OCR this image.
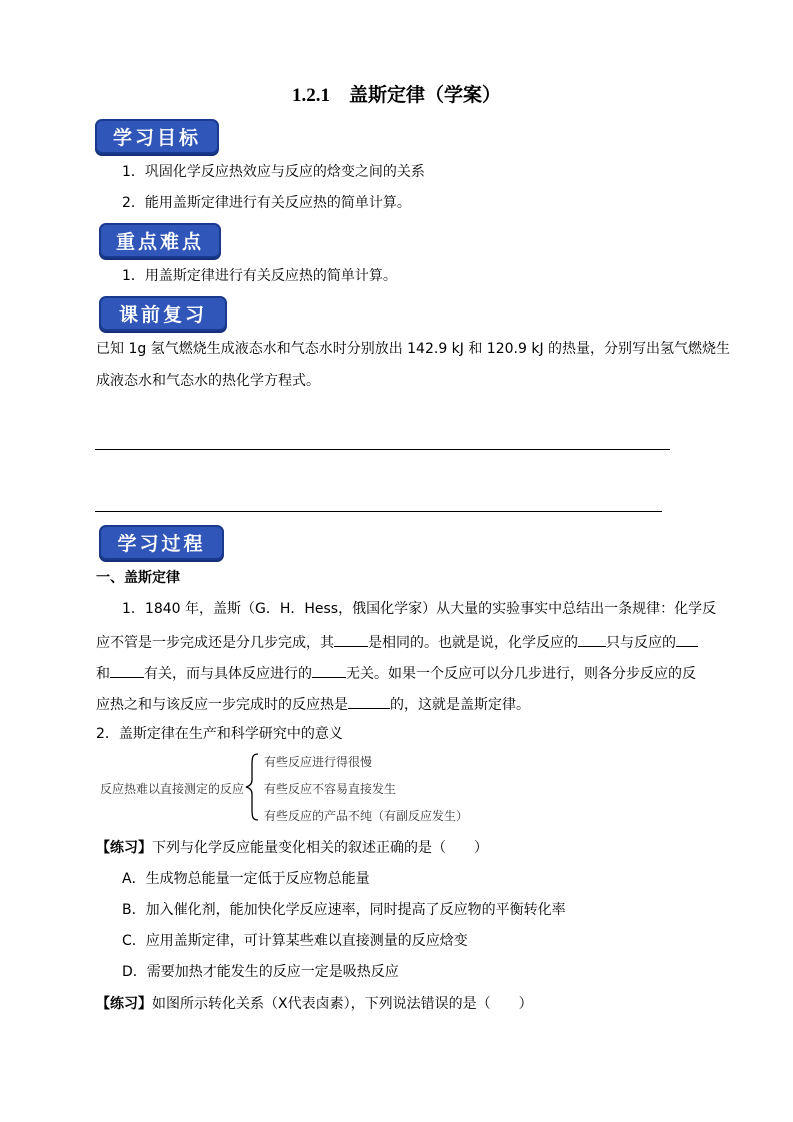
1.2.1　盖斯定律（学案）
学习目标
1．巩固化学反应热效应与反应的焓变之间的关系
2．能用盖斯定律进行有关反应热的简单计算。
重点难点
1．用盖斯定律进行有关反应热的简单计算。
课前复习
已知 1g 氢气燃烧生成液态水和气态水时分别放出 142.9 kJ 和 120.9 kJ 的热量，分别写出氢气燃烧生
成液态水和气态水的热化学方程式。
学习过程
一、盖斯定律
1．1840 年，盖斯（G．H．Hess，俄国化学家）从大量的实验事实中总结出一条规律：化学反
应不管是一步完成还是分几步完成，其 是相同的。也就是说，化学反应的 只与反应的
和 有关，而与具体反应进行的 无关。如果一个反应可以分几步进行，则各分步反应的反
应热之和与该反应一步完成时的反应热是	的，这就是盖斯定律。
2．盖斯定律在生产和科学研究中的意义
反应热难以直接测定的反应
有些反应进行得很慢
有些反应不容易直接发生
有些反应的产品不纯（有副反应发生）
【练习】下列与化学反应能量变化相关的叙述正确的是（　　）
A．生成物总能量一定低于反应物总能量
B．加入催化剂，能加快化学反应速率，同时提高了反应物的平衡转化率
C．应用盖斯定律，可计算某些难以直接测量的反应焓变
D．需要加热才能发生的反应一定是吸热反应
【练习】如图所示转化关系（X代表卤素），下列说法错误的是（　　）
